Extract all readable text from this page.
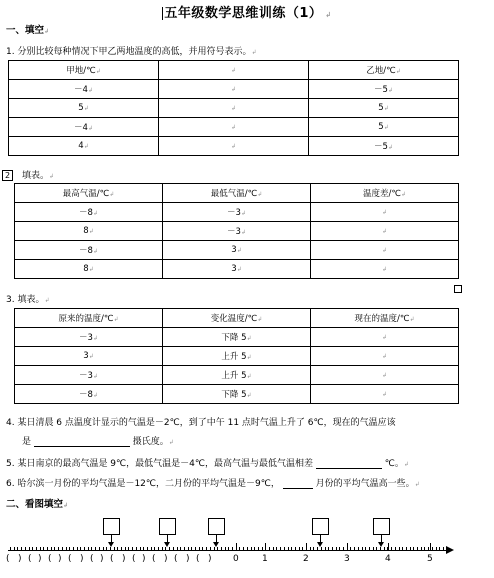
五年级数学思维训练（1） ↲
一、填空↲
1. 分别比较每种情况下甲乙两地温度的高低，并用符号表示。↲
甲地/℃↲	↲	乙地/℃↲
－4↲	↲	－5↲
5↲	↲	5↲
－4↲	↲	5↲
4↲	↲	－5↲
2 填表。↲
最高气温/℃↲	最低气温/℃↲	温度差/℃↲
－8↲	－3↲	↲
8↲	－3↲	↲
－8↲	3↲	↲
8↲	3↲	↲
3. 填表。↲
原来的温度/℃↲	变化温度/℃↲	现在的温度/℃↲
－3↲	下降 5↲	↲
3↲	上升 5↲	↲
－3↲	上升 5↲	↲
－8↲	下降 5↲	↲
4. 某日清晨 6 点温度计显示的气温是－2℃，到了中午 11 点时气温上升了 6℃，现在的气温应该
是	摄氏度。↲
5. 某日南京的最高气温是 9℃，最低气温是－4℃，最高气温与最低气温相差	℃。↲
6. 哈尔滨一月份的平均气温是－12℃，二月份的平均气温是－9℃，	月份的平均气温高一些。↲
二、看图填空↲
0	1	2	3	4	5
( ( ( ( ( ( ( ( ( (
) ) ) ) ) ) ) ) ) )
